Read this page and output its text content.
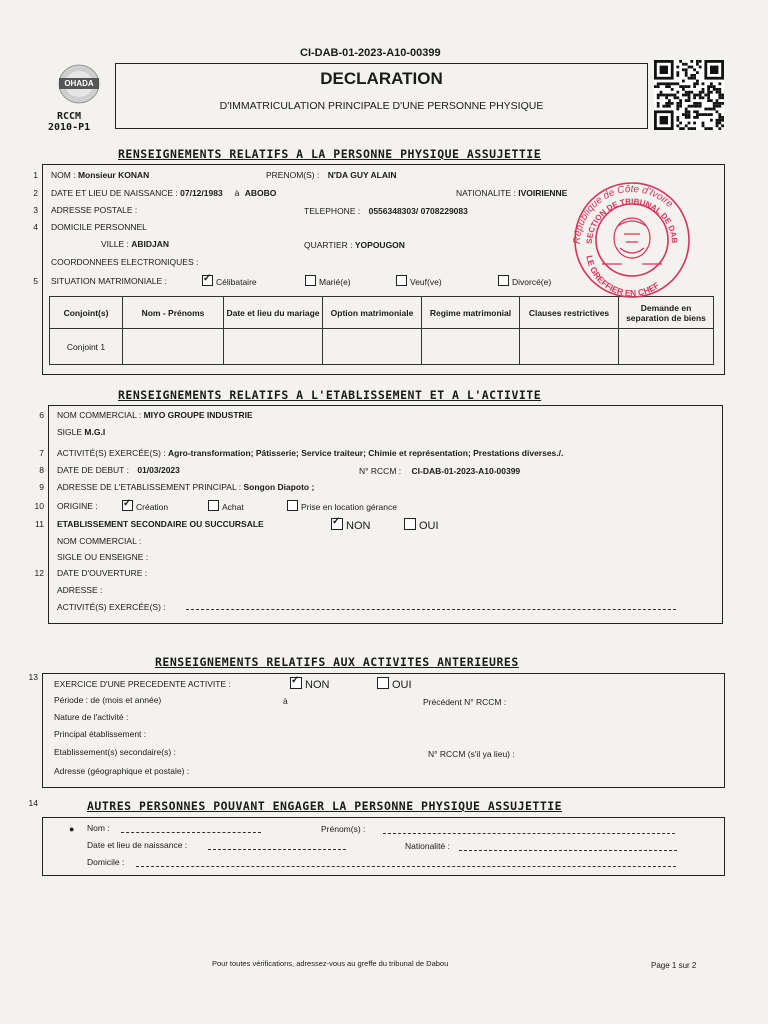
CI-DAB-01-2023-A10-00399
OHADA
RCCM
2010-P1
DECLARATION
D'IMMATRICULATION PRINCIPALE D'UNE PERSONNE PHYSIQUE
RENSEIGNEMENTS RELATIFS A LA PERSONNE PHYSIQUE ASSUJETTIE
1
2
3
4
5
NOM : Monsieur KONAN	PRENOM(S) : N'DA GUY ALAIN
DATE ET LIEU DE NAISSANCE : 07/12/1983 à ABOBO	NATIONALITE : IVOIRIENNE
ADRESSE POSTALE :	TELEPHONE : 0556348303/ 0708229083
DOMICILE PERSONNEL
VILLE : ABIDJAN	QUARTIER : YOPOUGON
COORDONNEES ELECTRONIQUES :
SITUATION MATRIMONIALE : ✓	Célibataire	Marié(e)	Veuf(ve)	Divorcé(e)
Conjoint(s)	Nom - Prénoms	Date et lieu du mariage	Option matrimoniale	Regime matrimonial	Clauses restrictives	Demande en separation de biens
Conjoint 1						
République de Côte d'Ivoire
SECTION DE TRIBUNAL DE DAB
LE GREFFIER EN CHEF
RENSEIGNEMENTS RELATIFS A L'ETABLISSEMENT ET A L'ACTIVITE
6
7
8
9
10
11
12
NOM COMMERCIAL : MIYO GROUPE INDUSTRIE
SIGLE M.G.I
ACTIVITÉ(S) EXERCÉE(S) : Agro-transformation; Pâtisserie; Service traiteur; Chimie et représentation; Prestations diverses./.
DATE DE DEBUT : 01/03/2023	N° RCCM : CI-DAB-01-2023-A10-00399
ADRESSE DE L'ETABLISSEMENT PRINCIPAL : Songon Diapoto ;
ORIGINE : ✓	Création	Achat	Prise en location gérance
ETABLISSEMENT SECONDAIRE OU SUCCURSALE ✓	NON	OUI
NOM COMMERCIAL :
SIGLE OU ENSEIGNE :
DATE D'OUVERTURE :
ADRESSE :
ACTIVITÉ(S) EXERCÉE(S) :
RENSEIGNEMENTS RELATIFS AUX ACTIVITES ANTERIEURES
13
EXERCICE D'UNE PRECEDENTE ACTIVITE : ✓	NON	OUI
Période : de (mois et année)	à	Précédent N° RCCM :
Nature de l'activité :
Principal établissement :
Etablissement(s) secondaire(s) :	N° RCCM (s'il ya lieu) :
Adresse (géographique et postale) :
14	AUTRES PERSONNES POUVANT ENGAGER LA PERSONNE PHYSIQUE ASSUJETTIE
● Nom :	Prénom(s) :
Date et lieu de naissance :	Nationalité :
Domicile :
Pour toutes vérifications, adressez-vous au greffe du tribunal de Dabou	Page 1 sur 2
